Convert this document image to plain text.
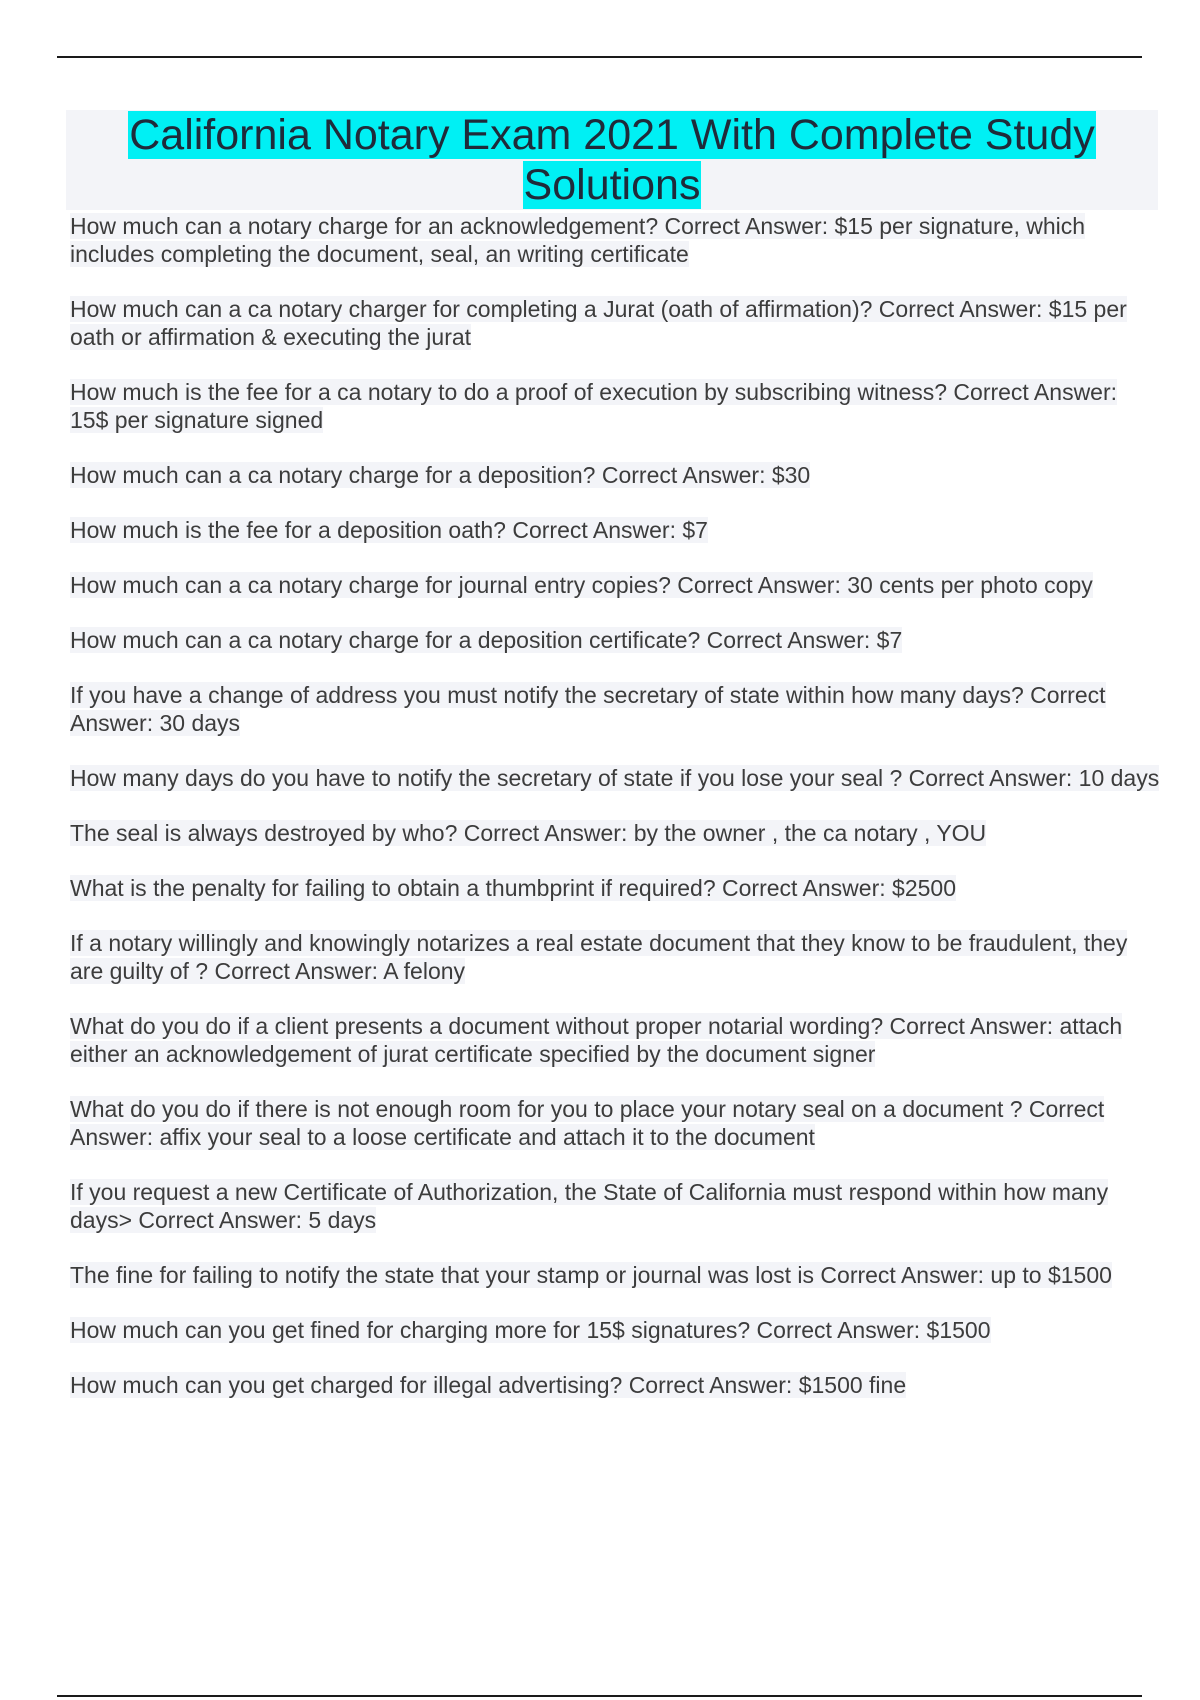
California Notary Exam 2021 With Complete Study
Solutions
How much can a notary charge for an acknowledgement? Correct Answer: $15 per signature, which includes completing the document, seal, an writing certificate
How much can a ca notary charger for completing a Jurat (oath of affirmation)? Correct Answer: $15 per oath or affirmation & executing the jurat
How much is the fee for a ca notary to do a proof of execution by subscribing witness? Correct Answer: 15$ per signature signed
How much can a ca notary charge for a deposition? Correct Answer: $30
How much is the fee for a deposition oath? Correct Answer: $7
How much can a ca notary charge for journal entry copies? Correct Answer: 30 cents per photo copy
How much can a ca notary charge for a deposition certificate? Correct Answer: $7
If you have a change of address you must notify the secretary of state within how many days? Correct Answer: 30 days
How many days do you have to notify the secretary of state if you lose your seal ? Correct Answer: 10 days
The seal is always destroyed by who? Correct Answer: by the owner , the ca notary , YOU
What is the penalty for failing to obtain a thumbprint if required? Correct Answer: $2500
If a notary willingly and knowingly notarizes a real estate document that they know to be fraudulent, they are guilty of ? Correct Answer: A felony
What do you do if a client presents a document without proper notarial wording? Correct Answer: attach either an acknowledgement of jurat certificate specified by the document signer
What do you do if there is not enough room for you to place your notary seal on a document ? Correct Answer: affix your seal to a loose certificate and attach it to the document
If you request a new Certificate of Authorization, the State of California must respond within how many days> Correct Answer: 5 days
The fine for failing to notify the state that your stamp or journal was lost is Correct Answer: up to $1500
How much can you get fined for charging more for 15$ signatures? Correct Answer: $1500
How much can you get charged for illegal advertising? Correct Answer: $1500 fine
